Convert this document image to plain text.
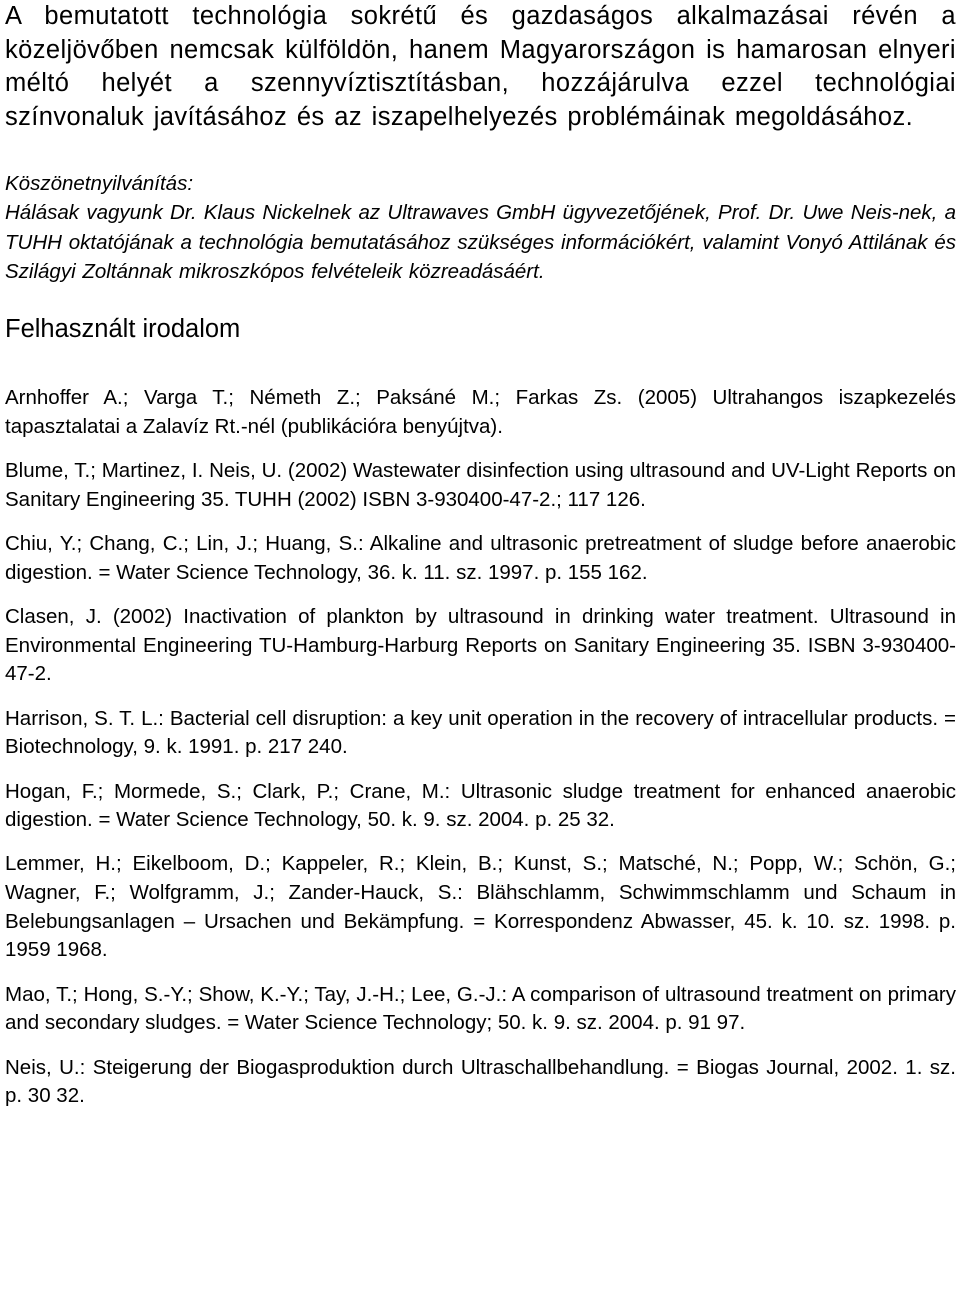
A bemutatott technológia sokrétű és gazdaságos alkalmazásai révén a közeljövőben nemcsak külföldön, hanem Magyarországon is hamarosan elnyeri méltó helyét a szennyvíztisztításban, hozzájárulva ezzel technológiai színvonaluk javításához és az iszapelhelyezés problémáinak megoldásához.

Köszönetnyilvánítás:

Hálásak vagyunk Dr. Klaus Nickelnek az Ultrawaves GmbH ügyvezetőjének, Prof. Dr. Uwe Neis-nek, a TUHH oktatójának a technológia bemutatásához szükséges információkért, valamint Vonyó Attilának és Szilágyi Zoltánnak mikroszkópos felvételeik közreadásáért.

Felhasznált irodalom

Arnhoffer A.; Varga T.; Németh Z.; Paksáné M.; Farkas Zs. (2005) Ultrahangos iszapkezelés tapasztalatai a Zalavíz Rt.-nél (publikációra benyújtva).

Blume, T.; Martinez, I. Neis, U. (2002) Wastewater disinfection using ultrasound and UV-Light Reports on Sanitary Engineering 35. TUHH (2002) ISBN 3-930400-47-2.; 117 126.

Chiu, Y.; Chang, C.; Lin, J.; Huang, S.: Alkaline and ultrasonic pretreatment of sludge before anaerobic digestion. = Water Science Technology, 36. k. 11. sz. 1997. p. 155 162.

Clasen, J. (2002) Inactivation of plankton by ultrasound in drinking water treatment. Ultrasound in Environmental Engineering TU-Hamburg-Harburg Reports on Sanitary Engineering 35. ISBN 3-930400-47-2.

Harrison, S. T. L.: Bacterial cell disruption: a key unit operation in the recovery of intracellular products. = Biotechnology, 9. k. 1991. p. 217 240.

Hogan, F.; Mormede, S.; Clark, P.; Crane, M.: Ultrasonic sludge treatment for enhanced anaerobic digestion. = Water Science Technology, 50. k. 9. sz. 2004. p. 25 32.

Lemmer, H.; Eikelboom, D.; Kappeler, R.; Klein, B.; Kunst, S.; Matsché, N.; Popp, W.; Schön, G.; Wagner, F.; Wolfgramm, J.; Zander-Hauck, S.: Blähschlamm, Schwimmschlamm und Schaum in Belebungsanlagen – Ursachen und Bekämpfung. = Korrespondenz Abwasser, 45. k. 10. sz. 1998. p. 1959 1968.

Mao, T.; Hong, S.-Y.; Show, K.-Y.; Tay, J.-H.; Lee, G.-J.: A comparison of ultrasound treatment on primary and secondary sludges. = Water Science Technology; 50. k. 9. sz. 2004. p. 91 97.

Neis, U.: Steigerung der Biogasproduktion durch Ultraschallbehandlung. = Biogas Journal, 2002. 1. sz. p. 30 32.
